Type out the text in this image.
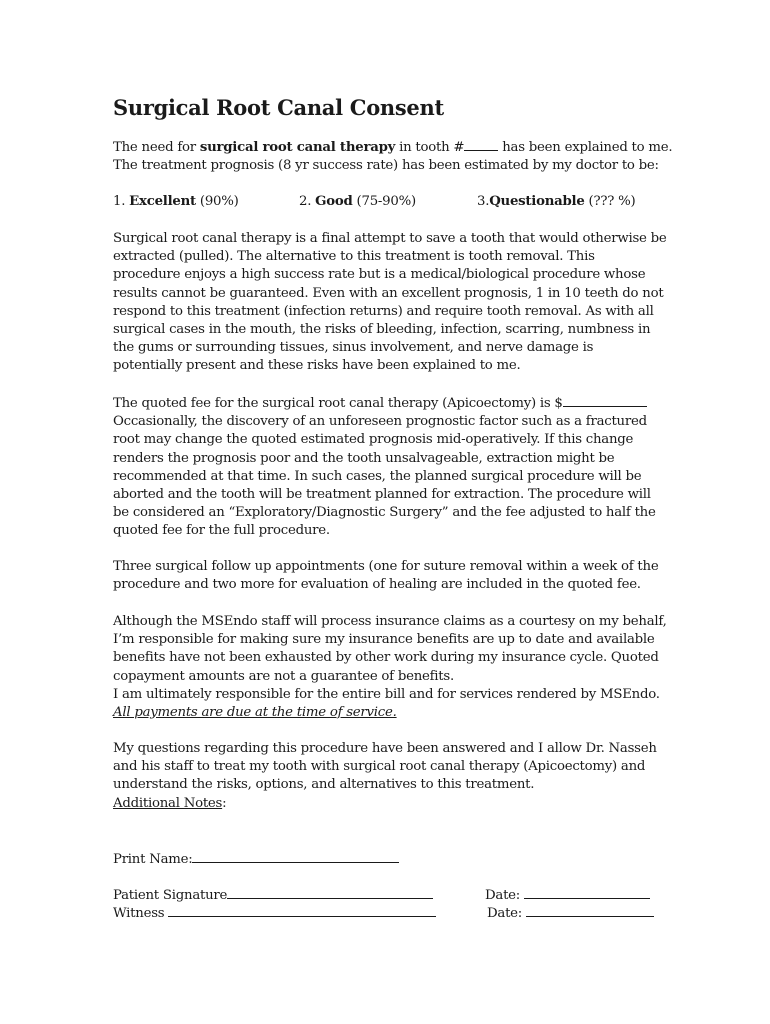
Surgical Root Canal Consent
The need for surgical root canal therapy in tooth #	has been explained to me.
The treatment prognosis (8 yr success rate) has been estimated by my doctor to be:
1. Excellent (90%)	2. Good (75-90%)	3.Questionable (??? %)
Surgical root canal therapy is a final attempt to save a tooth that would otherwise be
extracted (pulled). The alternative to this treatment is tooth removal. This
procedure enjoys a high success rate but is a medical/biological procedure whose
results cannot be guaranteed. Even with an excellent prognosis, 1 in 10 teeth do not
respond to this treatment (infection returns) and require tooth removal. As with all
surgical cases in the mouth, the risks of bleeding, infection, scarring, numbness in
the gums or surrounding tissues, sinus involvement, and nerve damage is
potentially present and these risks have been explained to me.
The quoted fee for the surgical root canal therapy (Apicoectomy) is $
Occasionally, the discovery of an unforeseen prognostic factor such as a fractured
root may change the quoted estimated prognosis mid-operatively. If this change
renders the prognosis poor and the tooth unsalvageable, extraction might be
recommended at that time. In such cases, the planned surgical procedure will be
aborted and the tooth will be treatment planned for extraction. The procedure will
be considered an “Exploratory/Diagnostic Surgery” and the fee adjusted to half the
quoted fee for the full procedure.
Three surgical follow up appointments (one for suture removal within a week of the
procedure and two more for evaluation of healing are included in the quoted fee.
Although the MSEndo staff will process insurance claims as a courtesy on my behalf,
I’m responsible for making sure my insurance benefits are up to date and available
benefits have not been exhausted by other work during my insurance cycle. Quoted
copayment amounts are not a guarantee of benefits.
I am ultimately responsible for the entire bill and for services rendered by MSEndo.
All payments are due at the time of service.
My questions regarding this procedure have been answered and I allow Dr. Nasseh
and his staff to treat my tooth with surgical root canal therapy (Apicoectomy) and
understand the risks, options, and alternatives to this treatment.
Additional Notes:
Print Name:
Patient Signature	Date:
Witness	Date:
